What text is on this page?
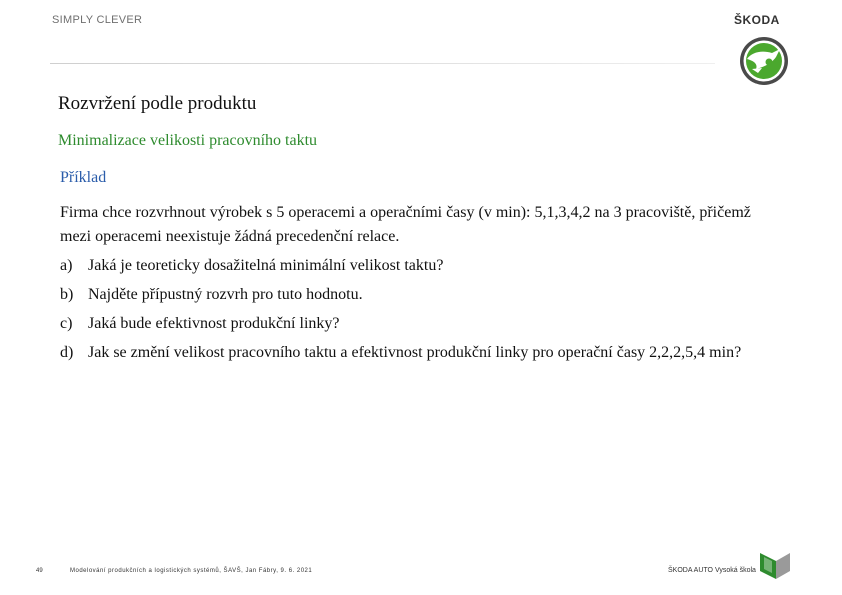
SIMPLY CLEVER	ŠKODA
Rozvržení podle produktu
Minimalizace velikosti pracovního taktu
Příklad
Firma chce rozvrhnout výrobek s 5 operacemi a operačními časy (v min): 5,1,3,4,2 na 3 pracoviště, přičemž mezi operacemi neexistuje žádná precedenční relace.
a) Jaká je teoreticky dosažitelná minimální velikost taktu?
b) Najděte přípustný rozvrh pro tuto hodnotu.
c) Jaká bude efektivnost produkční linky?
d) Jak se změní velikost pracovního taktu a efektivnost produkční linky pro operační časy 2,2,2,5,4 min?
49	Modelování produkčních a logistických systémů, ŠAVŠ, Jan Fábry, 9. 6. 2021	ŠKODA AUTO Vysoká škola
